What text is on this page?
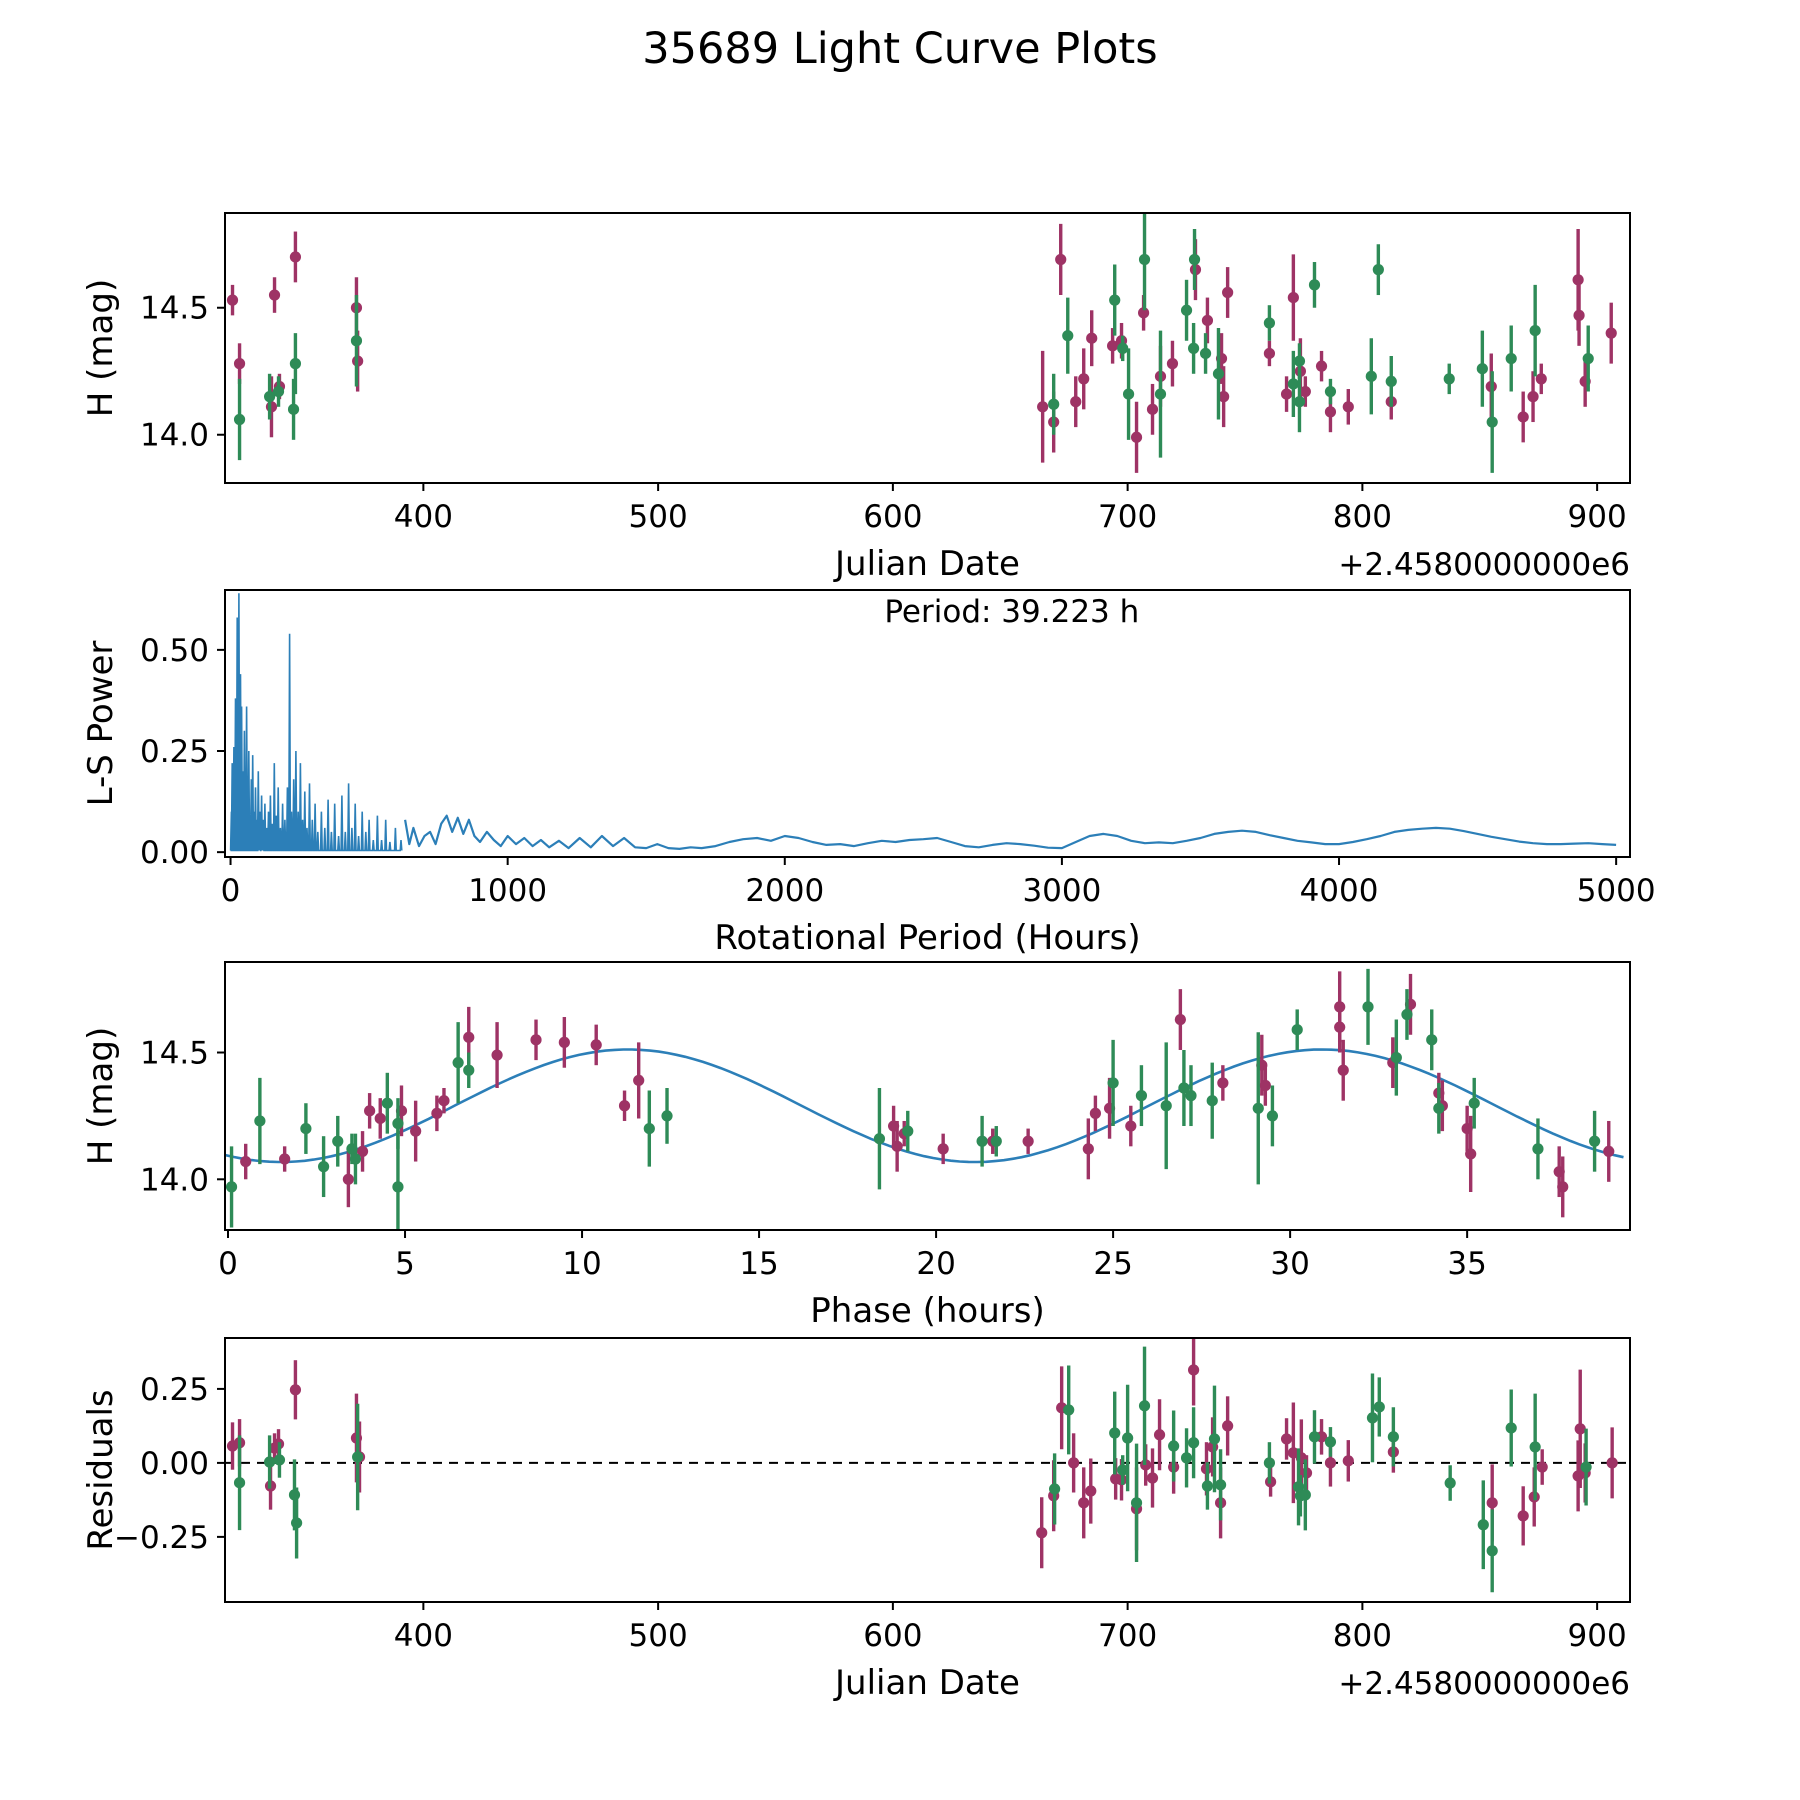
35689 Light Curve Plots
400	500	600	700	800	900
14.0
14.5
Julian Date	+2.4580000000e6
H (mag)
0	1000	2000	3000	4000	5000
0.00
0.25
0.50
Rotational Period (Hours)
L-S Power
Period: 39.223 h
0	5	10	15	20	25	30	35
14.0
14.5
Phase (hours)
H (mag)
400	500	600	700	800	900
−0.25
0.00
0.25
Julian Date	+2.4580000000e6
Residuals
